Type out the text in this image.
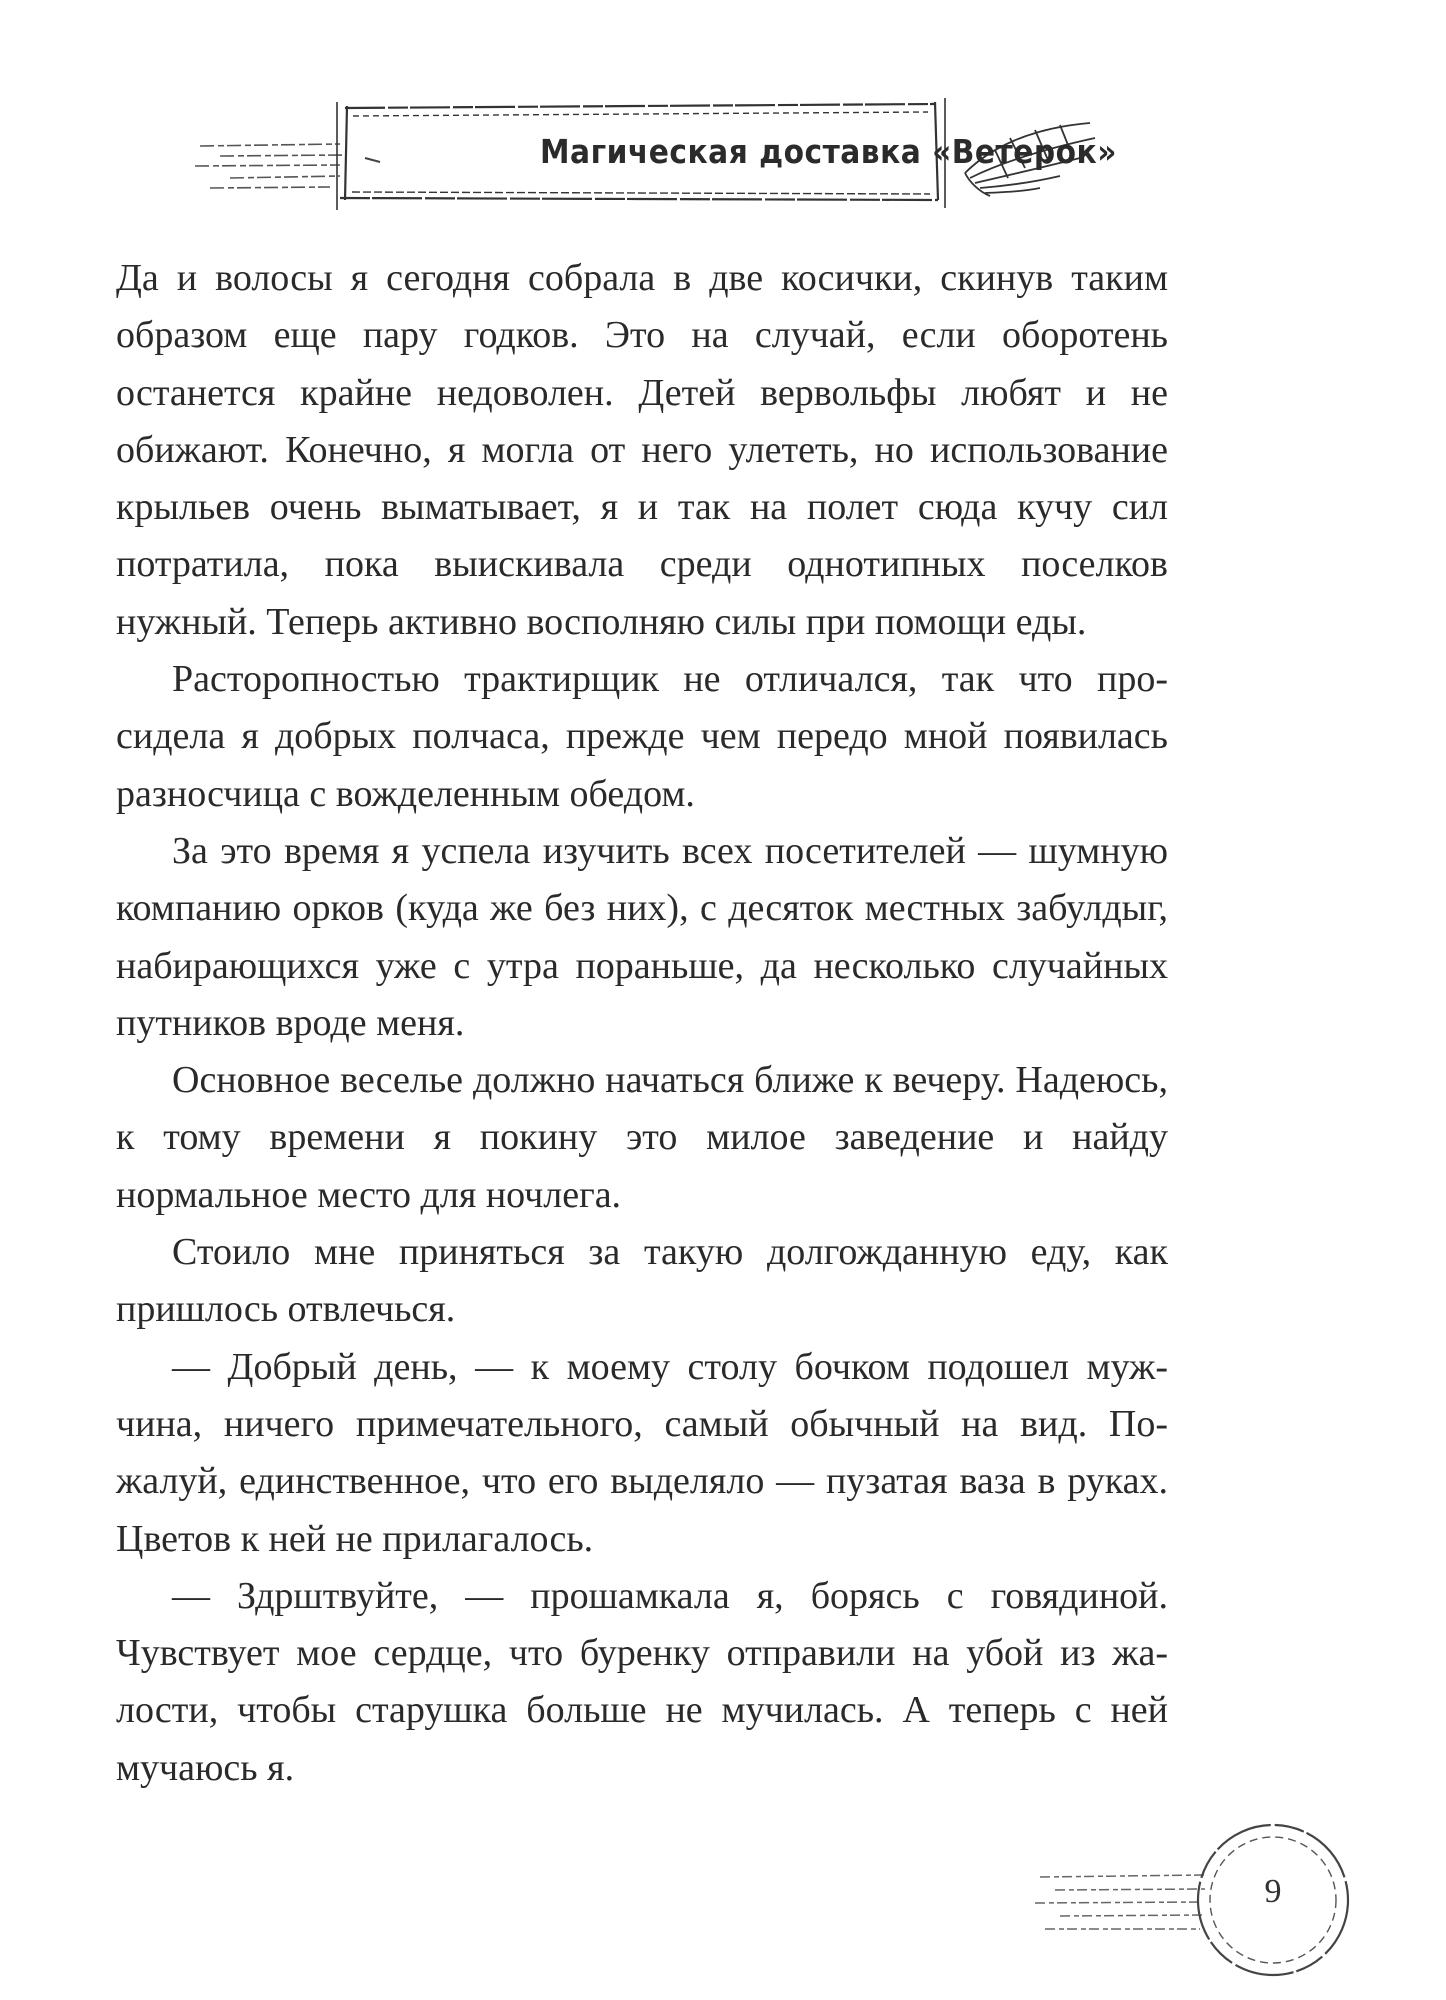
Магическая доставка «Ветерок»

Да и волосы я сегодня собрала в две косички, скинув таким образом еще пару годков. Это на случай, если оборотень останется крайне недоволен. Детей вервольфы любят и не обижают. Конечно, я могла от него улететь, но использование крыльев очень выматывает, я и так на полет сюда кучу сил потратила, пока выискивала среди однотипных поселков нужный. Теперь активно восполняю силы при помощи еды.

Расторопностью трактирщик не отличался, так что просидела я добрых полчаса, прежде чем передо мной появилась разносчица с вожделенным обедом.

За это время я успела изучить всех посетителей — шумную компанию орков (куда же без них), с десяток местных забулдыг, набирающихся уже с утра пораньше, да несколько случайных путников вроде меня.

Основное веселье должно начаться ближе к вечеру. Надеюсь, к тому времени я покину это милое заведение и найду нормальное место для ночлега.

Стоило мне приняться за такую долгожданную еду, как пришлось отвлечься.

— Добрый день, — к моему столу бочком подошел мужчина, ничего примечательного, самый обычный на вид. Пожалуй, единственное, что его выделяло — пузатая ваза в руках. Цветов к ней не прилагалось.

— Здрштвуйте, — прошамкала я, борясь с говядиной. Чувствует мое сердце, что буренку отправили на убой из жалости, чтобы старушка больше не мучилась. А теперь с ней мучаюсь я.

9
